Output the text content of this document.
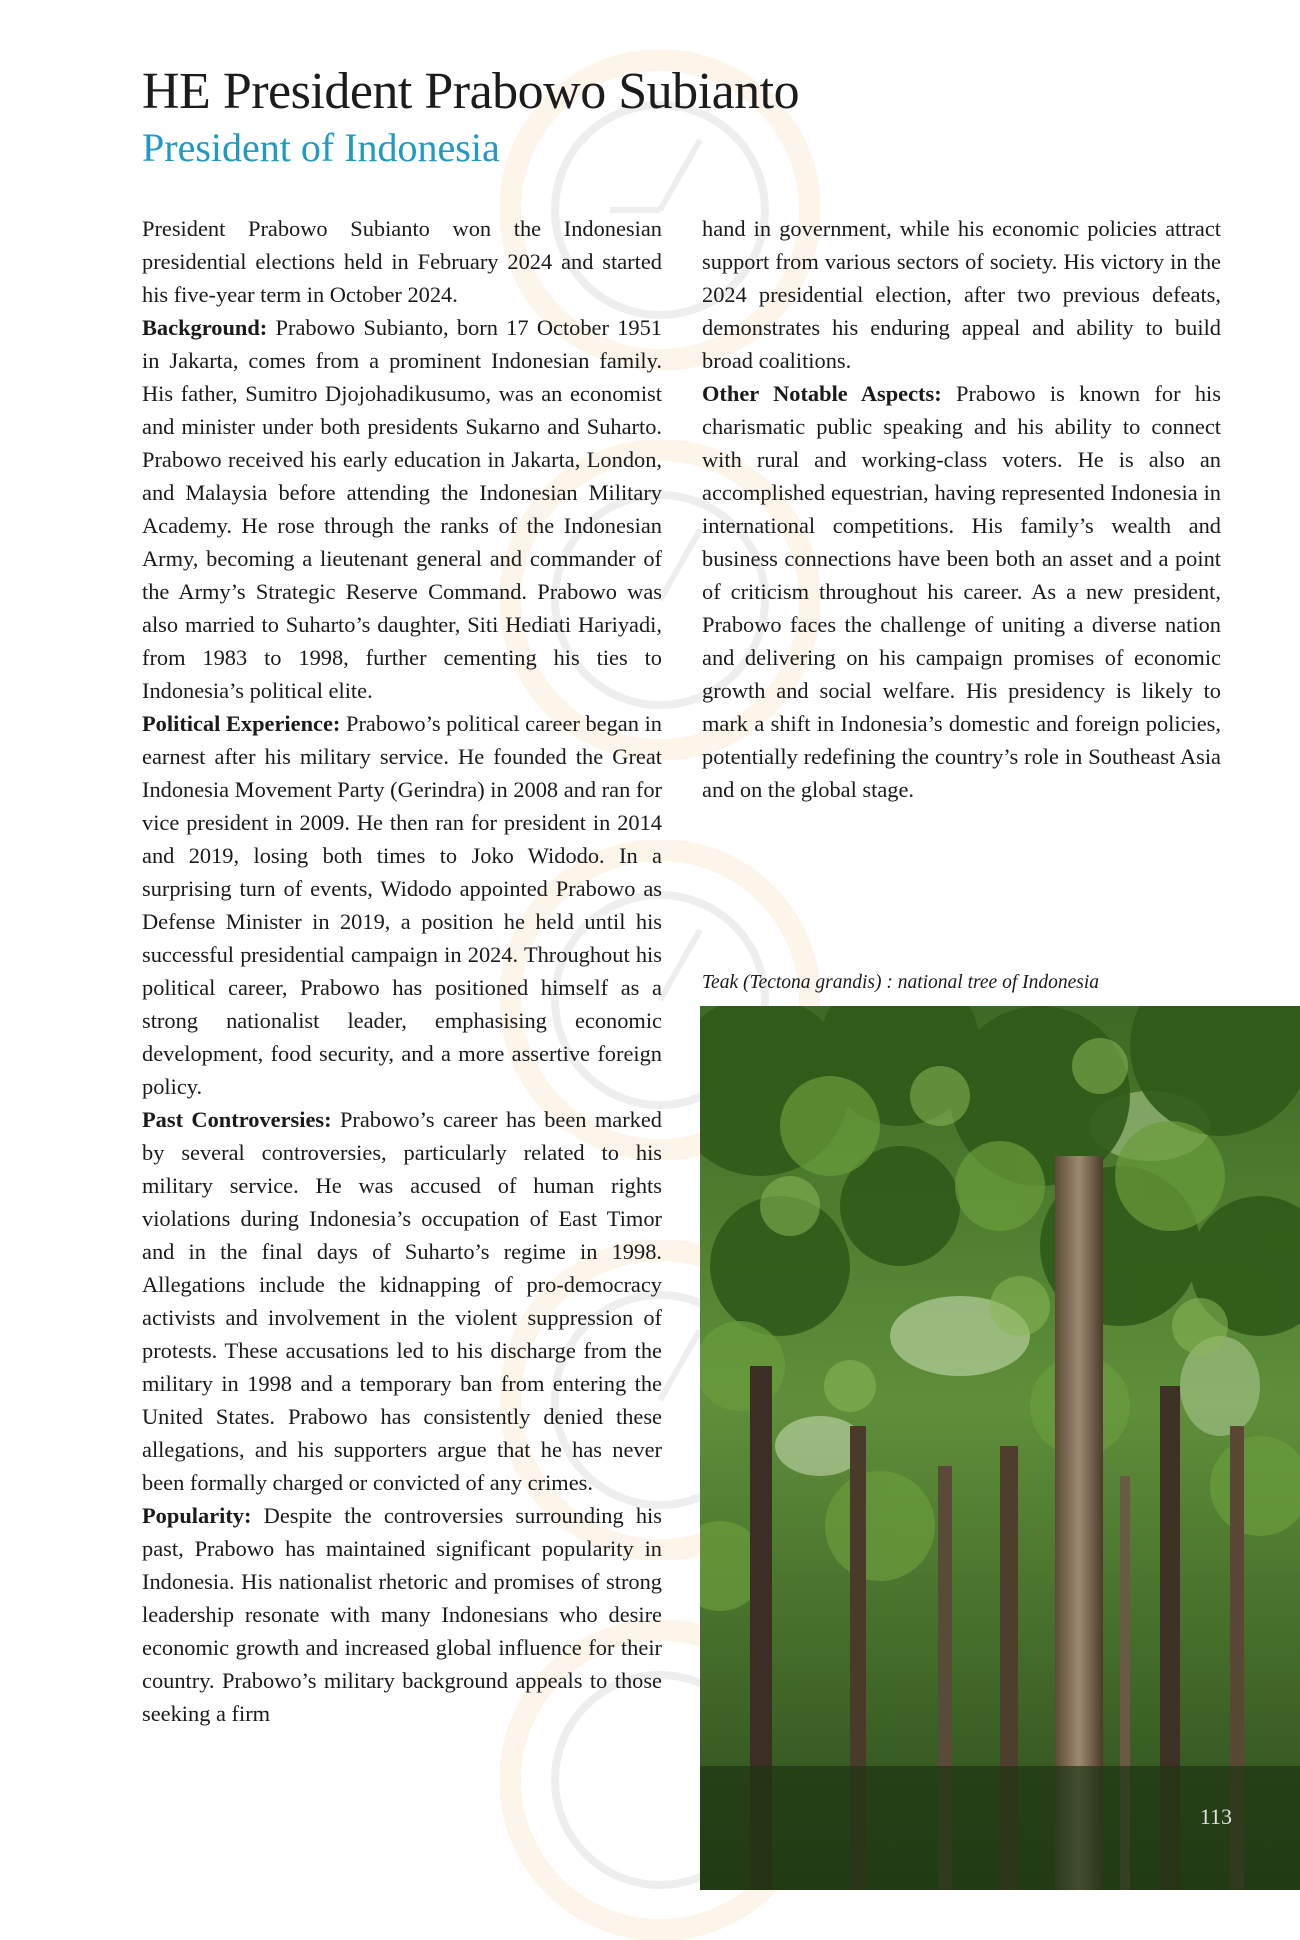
HE President Prabowo Subianto
President of Indonesia

President Prabowo Subianto won the Indonesian presidential elections held in February 2024 and started his five-year term in October 2024.

Background: Prabowo Subianto, born 17 October 1951 in Jakarta, comes from a prominent Indonesian family. His father, Sumitro Djojohadikusumo, was an economist and minister under both presidents Sukarno and Suharto. Prabowo received his early education in Jakarta, London, and Malaysia before attending the Indonesian Military Academy. He rose through the ranks of the Indonesian Army, becoming a lieutenant general and commander of the Army’s Strategic Reserve Command. Prabowo was also married to Suharto’s daughter, Siti Hediati Hariyadi, from 1983 to 1998, further cementing his ties to Indonesia’s political elite.

Political Experience: Prabowo’s political career began in earnest after his military service. He founded the Great Indonesia Movement Party (Gerindra) in 2008 and ran for vice president in 2009. He then ran for president in 2014 and 2019, losing both times to Joko Widodo. In a surprising turn of events, Widodo appointed Prabowo as Defense Minister in 2019, a position he held until his successful presidential campaign in 2024. Throughout his political career, Prabowo has positioned himself as a strong nationalist leader, emphasising economic development, food security, and a more assertive foreign policy.

Past Controversies: Prabowo’s career has been marked by several controversies, particularly related to his military service. He was accused of human rights violations during Indonesia’s occupation of East Timor and in the final days of Suharto’s regime in 1998. Allegations include the kidnapping of pro-democracy activists and involvement in the violent suppression of protests. These accusations led to his discharge from the military in 1998 and a temporary ban from entering the United States. Prabowo has consistently denied these allegations, and his supporters argue that he has never been formally charged or convicted of any crimes.

Popularity: Despite the controversies surrounding his past, Prabowo has maintained significant popularity in Indonesia. His nationalist rhetoric and promises of strong leadership resonate with many Indonesians who desire economic growth and increased global influence for their country. Prabowo’s military background appeals to those seeking a firm

hand in government, while his economic policies attract support from various sectors of society. His victory in the 2024 presidential election, after two previous defeats, demonstrates his enduring appeal and ability to build broad coalitions.

Other Notable Aspects: Prabowo is known for his charismatic public speaking and his ability to connect with rural and working-class voters. He is also an accomplished equestrian, having represented Indonesia in international competitions. His family’s wealth and business connections have been both an asset and a point of criticism throughout his career. As a new president, Prabowo faces the challenge of uniting a diverse nation and delivering on his campaign promises of economic growth and social welfare. His presidency is likely to mark a shift in Indonesia’s domestic and foreign policies, potentially redefining the country’s role in Southeast Asia and on the global stage.

Teak (Tectona grandis) : national tree of Indonesia
113
